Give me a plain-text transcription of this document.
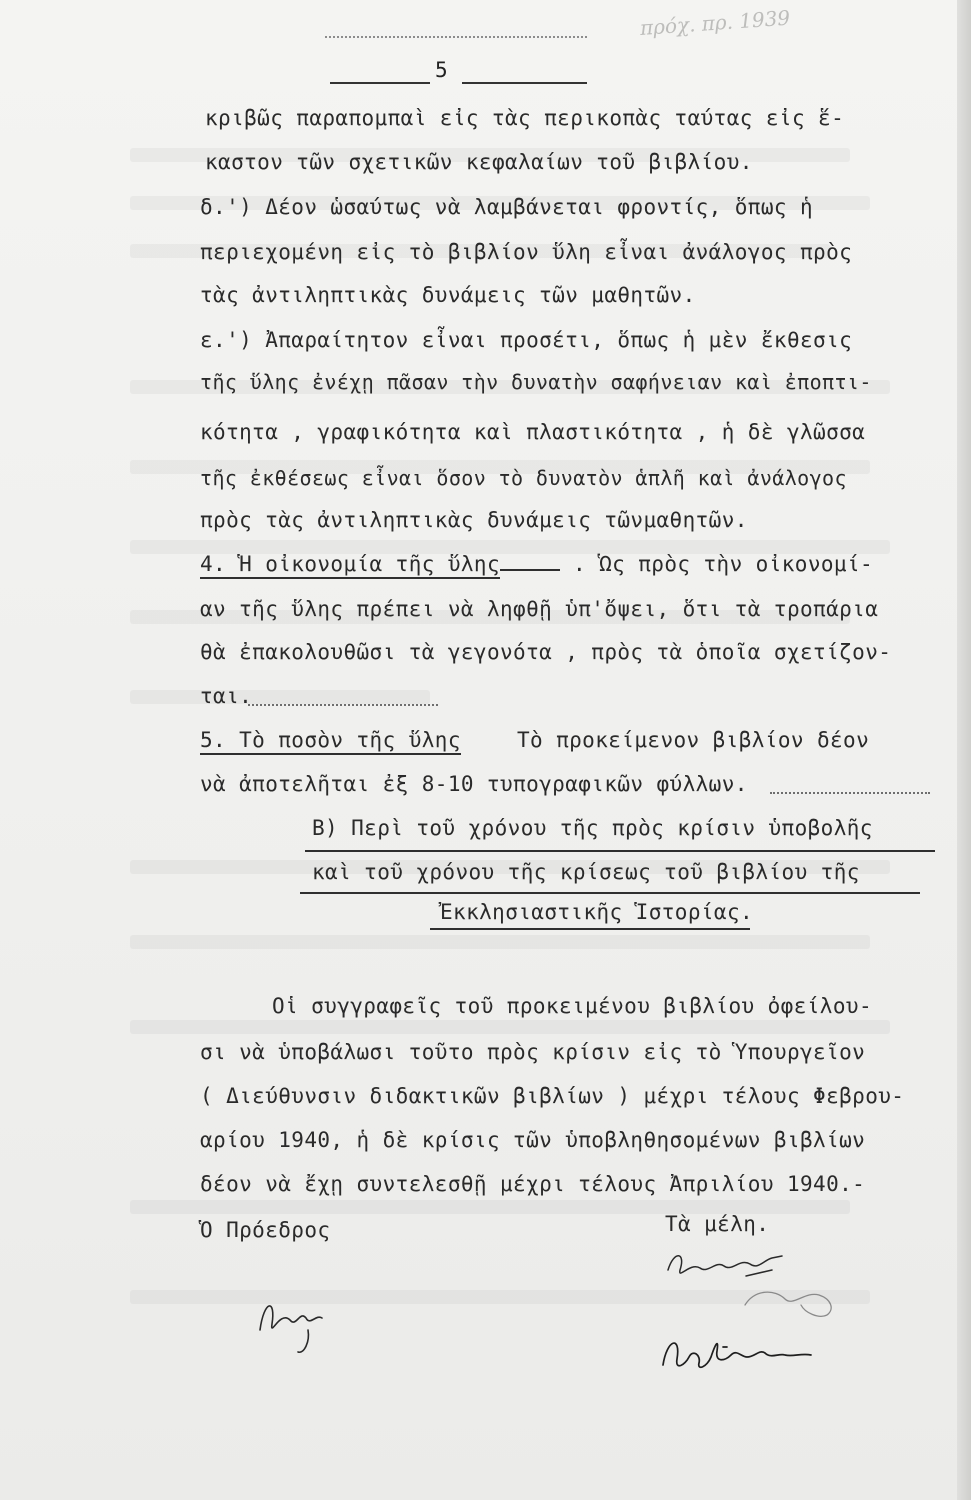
πρόχ. πρ. 1939
5
κριβῶς παραπομπαὶ εἰς τὰς περικοπὰς ταύτας εἰς ἕ-
καστον τῶν σχετικῶν κεφαλαίων τοῦ βιβλίου.
δ.') Δέον ὡσαύτως νὰ λαμβάνεται φροντίς, ὅπως ἡ
περιεχομένη εἰς τὸ βιβλίον ὕλη εἶναι ἀνάλογος πρὸς
τὰς ἀντιληπτικὰς δυνάμεις τῶν μαθητῶν.
ε.') Ἀπαραίτητον εἶναι προσέτι, ὅπως ἡ μὲν ἔκθεσις
τῆς ὕλης ἐνέχῃ πᾶσαν τὴν δυνατὴν σαφήνειαν καὶ ἐποπτι-
κότητα , γραφικότητα καὶ πλαστικότητα , ἡ δὲ γλῶσσα
τῆς ἐκθέσεως εἶναι ὅσον τὸ δυνατὸν ἁπλῆ καὶ ἀνάλογος
πρὸς τὰς ἀντιληπτικὰς δυνάμεις τῶνμαθητῶν.
4. Ἡ οἰκονομία τῆς ὕλης	. Ὡς πρὸς τὴν οἰκονομί-
αν τῆς ὕλης πρέπει νὰ ληφθῇ ὑπ'ὄψει, ὅτι τὰ τροπάρια
θὰ ἐπακολουθῶσι τὰ γεγονότα , πρὸς τὰ ὁποῖα σχετίζον-
ται.
5. Τὸ ποσὸν τῆς ὕλης	Τὸ προκείμενον βιβλίον δέον
νὰ ἀποτελῆται ἐξ 8-10 τυπογραφικῶν φύλλων.
Β) Περὶ τοῦ χρόνου τῆς πρὸς κρίσιν ὑποβολῆς
καὶ τοῦ χρόνου τῆς κρίσεως τοῦ βιβλίου τῆς
Ἐκκλησιαστικῆς Ἱστορίας.
Οἱ συγγραφεῖς τοῦ προκειμένου βιβλίου ὀφείλου-
σι νὰ ὑποβάλωσι τοῦτο πρὸς κρίσιν εἰς τὸ Ὑπουργεῖον
( Διεύθυνσιν διδακτικῶν βιβλίων ) μέχρι τέλους Φεβρου-
αρίου 1940, ἡ δὲ κρίσις τῶν ὑποβληθησομένων βιβλίων
δέον νὰ ἔχῃ συντελεσθῇ μέχρι τέλους Ἀπριλίου 1940.-
Ὁ Πρόεδρος	Τὰ μέλη.
